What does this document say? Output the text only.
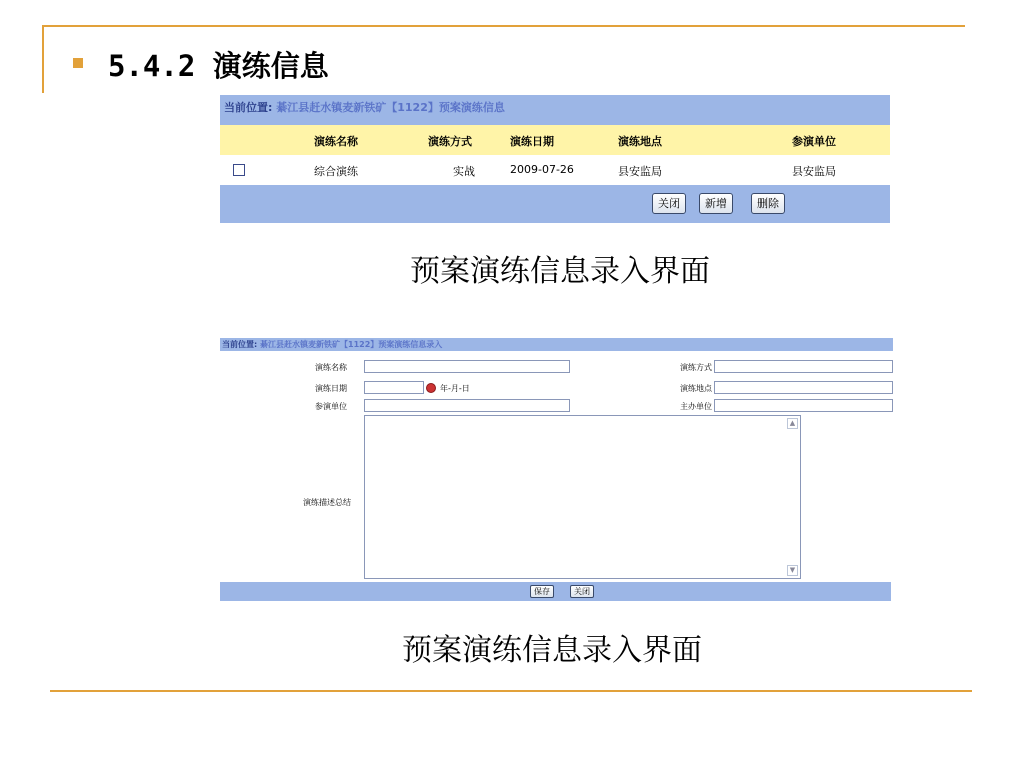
5.4.2 演练信息
当前位置: 綦江县赶水镇麦新铁矿【1122】预案演练信息
演练名称	演练方式	演练日期	演练地点	参演单位
综合演练	实战	2009-07-26	县安监局	县安监局
关闭	新增	删除
预案演练信息录入界面
当前位置: 綦江县赶水镇麦新铁矿【1122】预案演练信息录入
演练名称	演练方式
演练日期	年-月-日	演练地点
参演单位	主办单位
演练描述总结
▲
▼
保存	关闭
预案演练信息录入界面
